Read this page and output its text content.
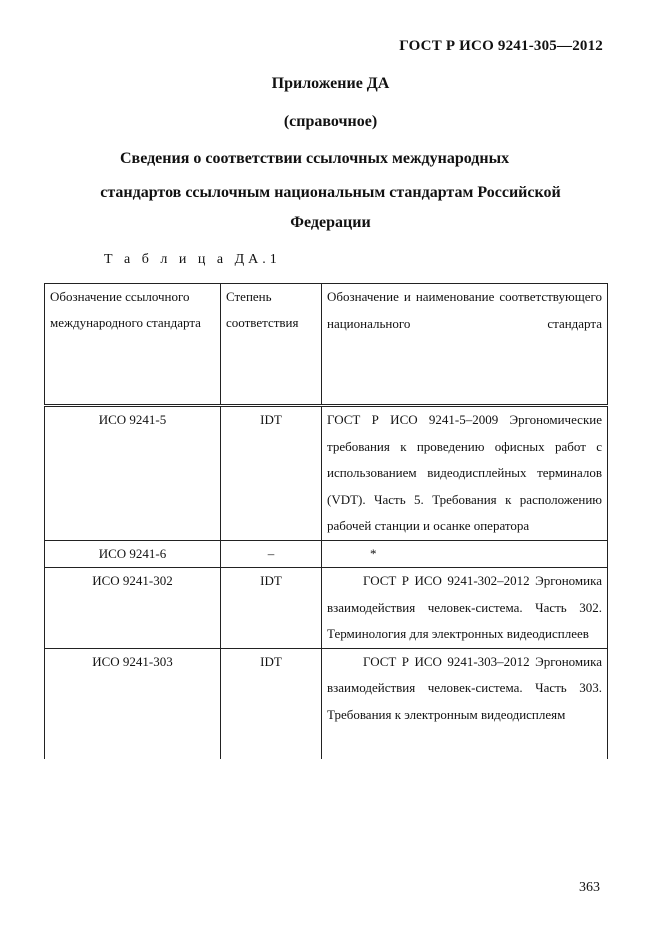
ГОСТ Р ИСО 9241-305—2012
Приложение ДА
(справочное)
Сведения о соответствии ссылочных международных
стандартов ссылочным национальным стандартам Российской
Федерации
Т а б л и ц а ДА.1
Обозначение ссылочного международного стандарта	Степень соответствия	Обозначение и наименование соответствующего национального стандарта

ИСО 9241-5	IDT	ГОСТ Р ИСО 9241-5–2009 Эргономические требования к проведению офисных работ с использованием видеодисплейных терминалов (VDT). Часть 5. Требования к расположению рабочей станции и осанке оператора
ИСО 9241-6	–	*
ИСО 9241-302	IDT	ГОСТ Р ИСО 9241-302–2012 Эргономика взаимодействия человек-система. Часть 302. Терминология для электронных видеодисплеев
ИСО 9241-303	IDT	ГОСТ Р ИСО 9241-303–2012 Эргономика взаимодействия человек-система. Часть 303. Требования к электронным видеодисплеям
363
